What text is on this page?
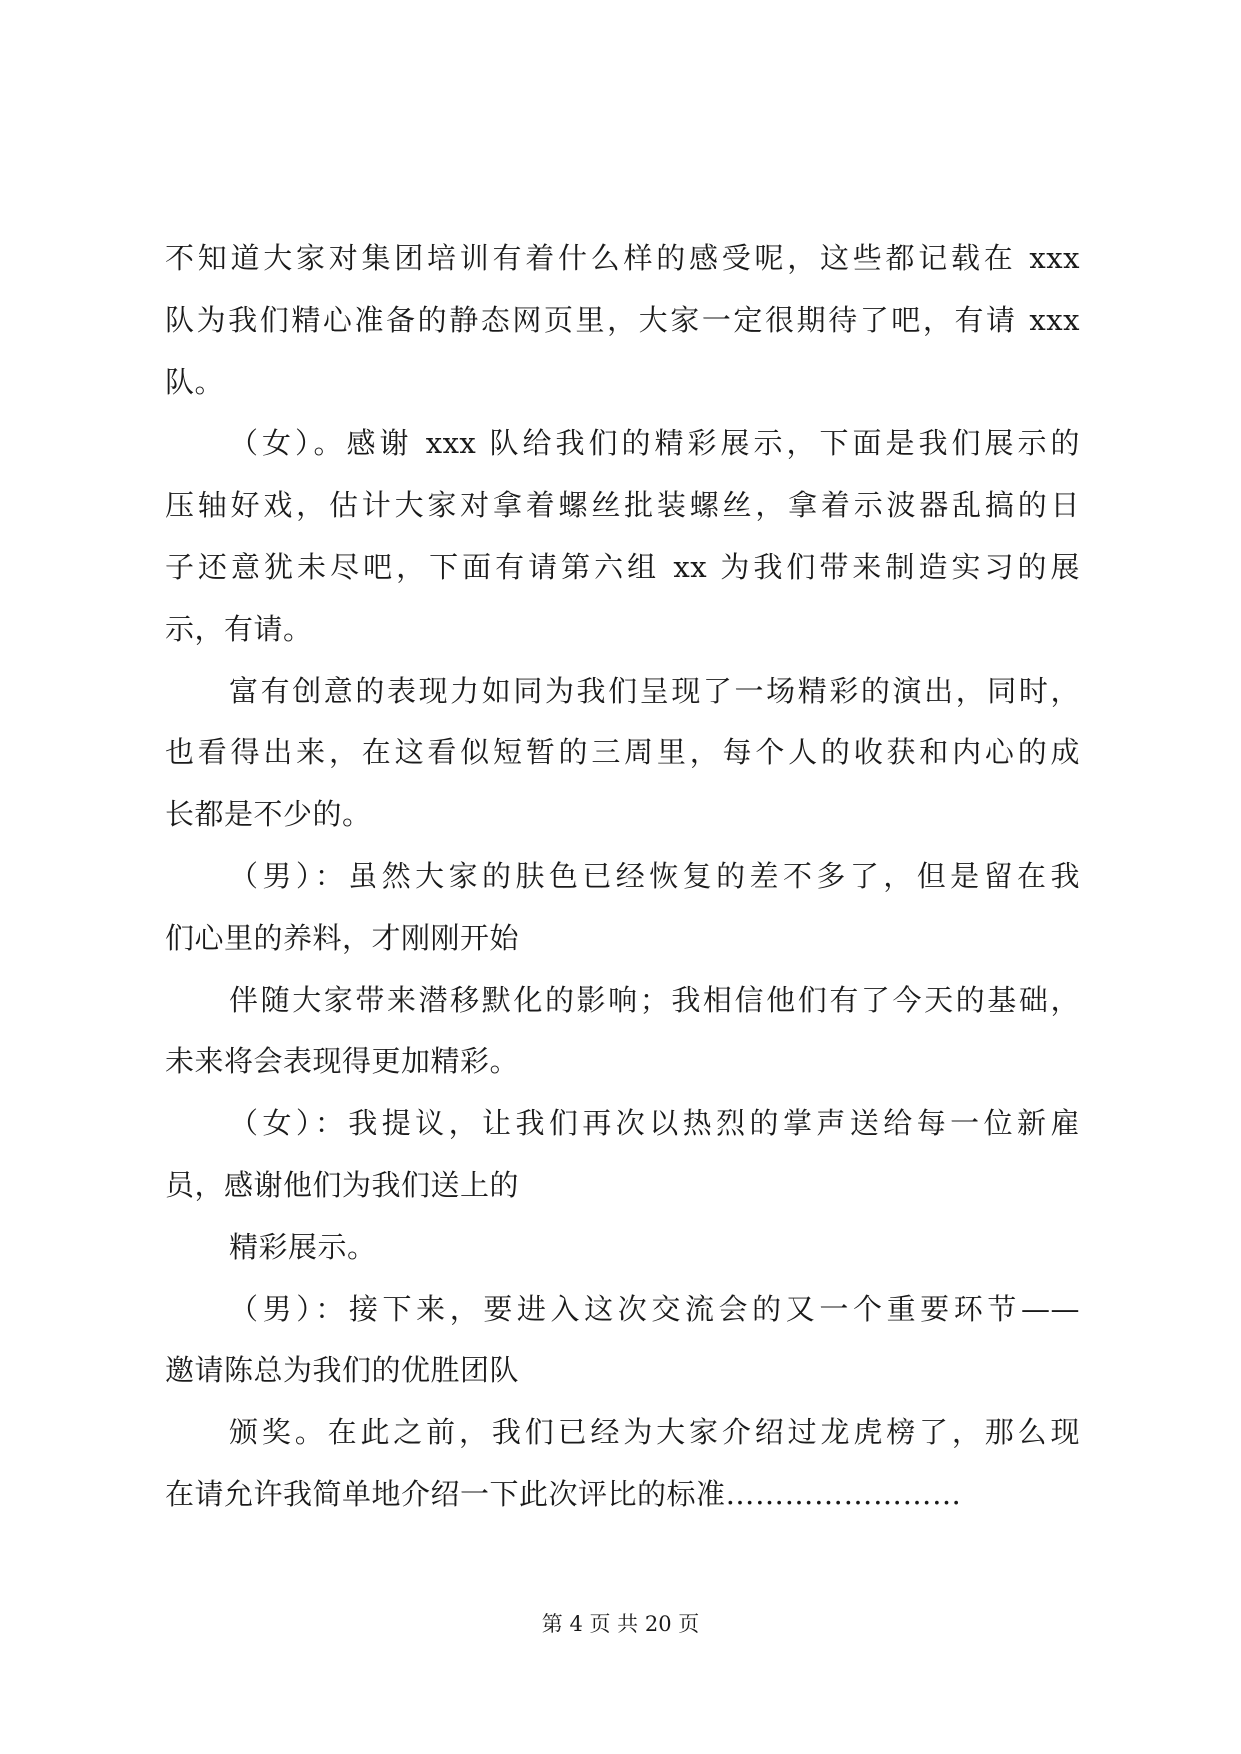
不知道大家对集团培训有着什么样的感受呢，这些都记载在 xxx
队为我们精心准备的静态网页里，大家一定很期待了吧，有请 xxx
队。
（女）。感谢 xxx 队给我们的精彩展示，下面是我们展示的
压轴好戏，估计大家对拿着螺丝批装螺丝，拿着示波器乱搞的日
子还意犹未尽吧，下面有请第六组 xx 为我们带来制造实习的展
示，有请。
富有创意的表现力如同为我们呈现了一场精彩的演出，同时，
也看得出来，在这看似短暂的三周里，每个人的收获和内心的成
长都是不少的。
（男）：虽然大家的肤色已经恢复的差不多了，但是留在我
们心里的养料，才刚刚开始
伴随大家带来潜移默化的影响；我相信他们有了今天的基础，
未来将会表现得更加精彩。
（女）：我提议，让我们再次以热烈的掌声送给每一位新雇
员，感谢他们为我们送上的
精彩展示。
（男）：接下来，要进入这次交流会的又一个重要环节——
邀请陈总为我们的优胜团队
颁奖。在此之前，我们已经为大家介绍过龙虎榜了，那么现
在请允许我简单地介绍一下此次评比的标准……………………
第 4 页 共 20 页
